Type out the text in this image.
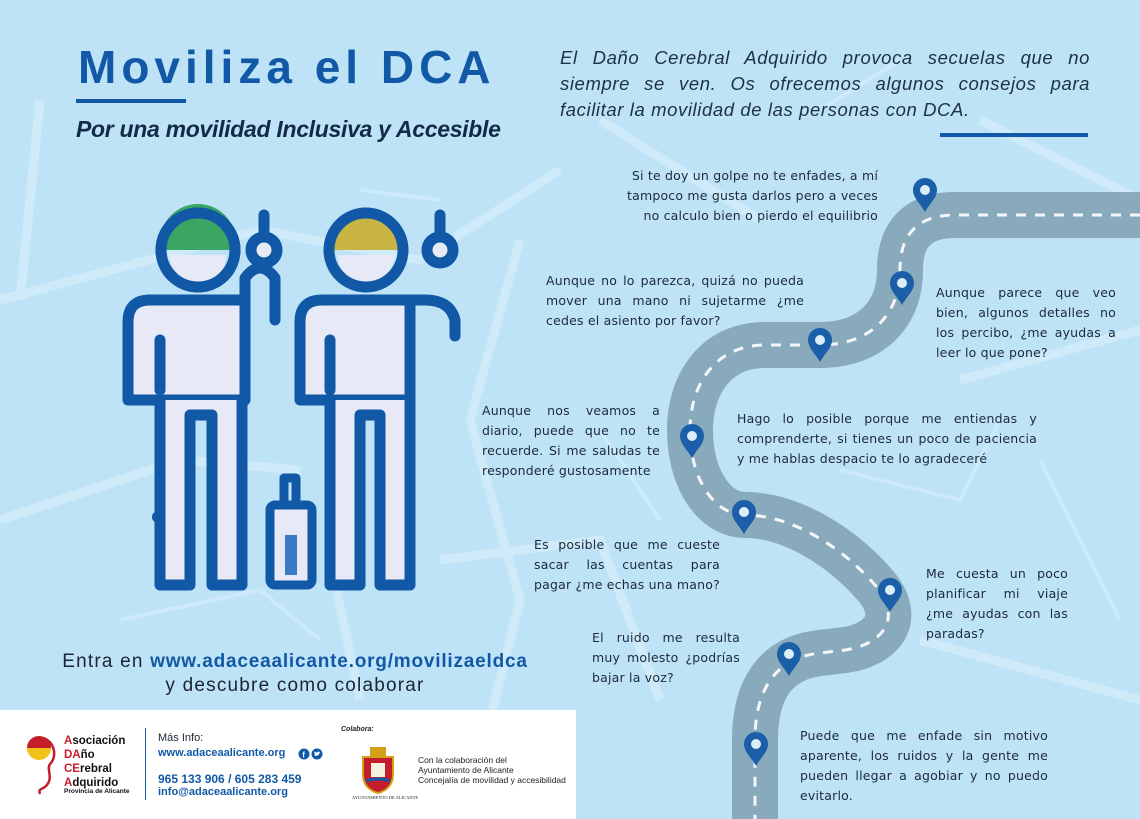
Moviliza el DCA
Por una movilidad Inclusiva y Accesible
El Daño Cerebral Adquirido provoca secuelas que no siempre se ven. Os ofrecemos algunos consejos para facilitar la movilidad de las personas con DCA.
Si te doy un golpe no te enfades, a mí tampoco me gusta darlos pero a veces no calculo bien o pierdo el equilibrio
Aunque no lo parezca, quizá no pueda mover una mano ni sujetarme ¿me cedes el asiento por favor?
Aunque parece que veo bien, algunos detalles no los percibo, ¿me ayudas a leer lo que pone?
Aunque nos veamos a diario, puede que no te recuerde. Si me saludas te responderé gustosamente
Hago lo posible porque me entiendas y comprenderte, si tienes un poco de paciencia y me hablas despacio te lo agradeceré
Es posible que me cueste sacar las cuentas para pagar ¿me echas una mano?
Me cuesta un poco planificar mi viaje ¿me ayudas con las paradas?
El ruido me resulta muy molesto ¿podrías bajar la voz?
Puede que me enfade sin motivo aparente, los ruidos y la gente me pueden llegar a agobiar y no puedo evitarlo.
Entra en www.adaceaalicante.org/movilizaeldca
y descubre como colaborar
Asociación
DAño
CErebral
Adquirido
Provincia de Alicante
Más Info:
www.adaceaalicante.org f
965 133 906 / 605 283 459
info@adaceaalicante.org
Colabora:
AYUNTAMIENTO DE ALICANTE
Con la colaboración del
Ayuntamiento de Alicante
Concejalía de movilidad y accesibilidad
